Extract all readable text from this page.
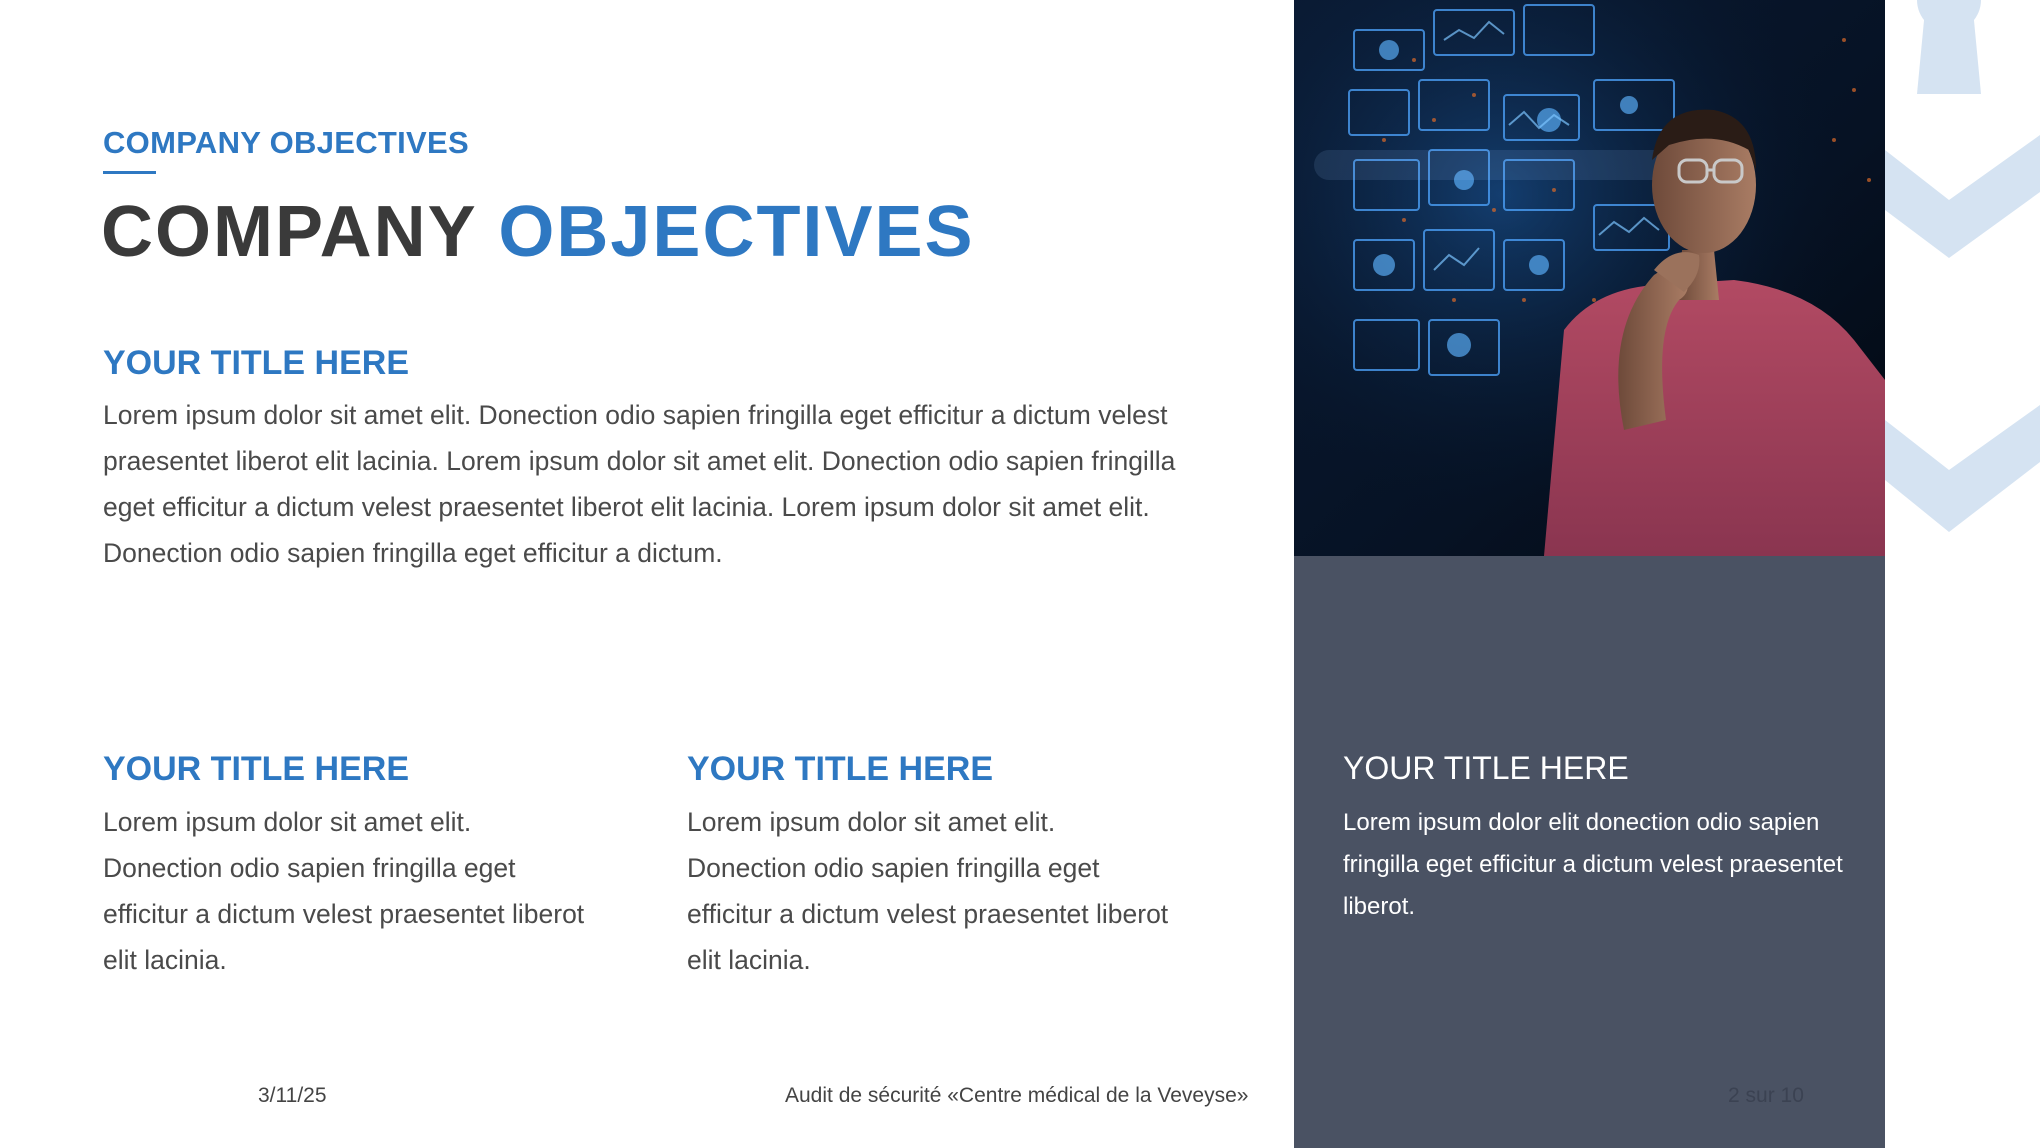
COMPANY OBJECTIVES
COMPANY OBJECTIVES
YOUR TITLE HERE

Lorem ipsum dolor sit amet elit. Donection odio sapien fringilla eget efficitur a dictum velest praesentet liberot elit lacinia. Lorem ipsum dolor sit amet elit. Donection odio sapien fringilla eget efficitur a dictum velest praesentet liberot elit lacinia. Lorem ipsum dolor sit amet elit. Donection odio sapien fringilla eget efficitur a dictum.

YOUR TITLE HERE

Lorem ipsum dolor sit amet elit. Donection odio sapien fringilla eget efficitur a dictum velest praesentet liberot elit lacinia.

YOUR TITLE HERE

Lorem ipsum dolor sit amet elit. Donection odio sapien fringilla eget efficitur a dictum velest praesentet liberot elit lacinia.

YOUR TITLE HERE

Lorem ipsum dolor elit donection odio sapien fringilla eget efficitur a dictum velest praesentet liberot.

3/11/25	Audit de sécurité «Centre médical de la Veveyse»	2 sur 10
